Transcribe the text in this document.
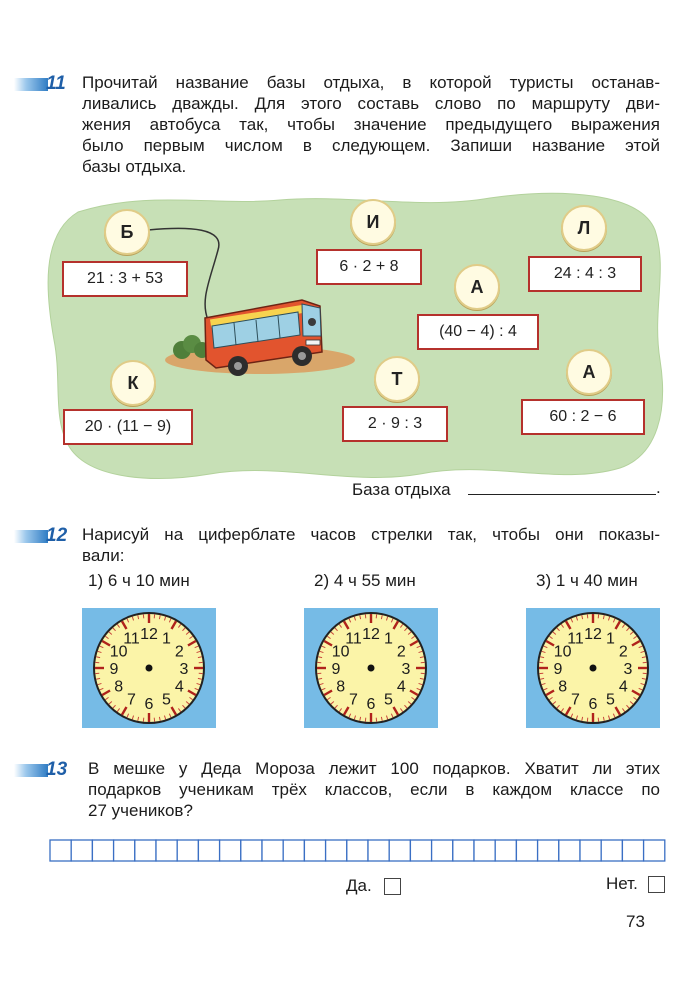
11 Прочитай название базы отдыха, в которой туристы останав-
ливались дважды. Для этого составь слово по маршруту дви-
жения автобуса так, чтобы значение предыдущего выражения
было первым числом в следующем. Запиши название этой
базы отдыха.
Б
21 : 3 + 53
И
6 · 2 + 8
Л
24 : 4 : 3
А
(40 − 4) : 4
К
20 · (11 − 9)
Т
2 · 9 : 3
А
60 : 2 − 6
База отдыха	.
12 Нарисуй на циферблате часов стрелки так, чтобы они показы-
вали:
1) 6 ч 10 мин	2) 4 ч 55 мин	3) 1 ч 40 мин
1
2
3
4
5
6
7
8
9
10
11 12	1
2
3
4
5
6
7
8
9
10
11 12	1
2
3
4
5
6
7
8
9
10
11 12
13 В мешке у Деда Мороза лежит 100 подарков. Хватит ли этих
подарков ученикам трёх классов, если в каждом классе по
27 учеников?
Да.	Нет.
73
